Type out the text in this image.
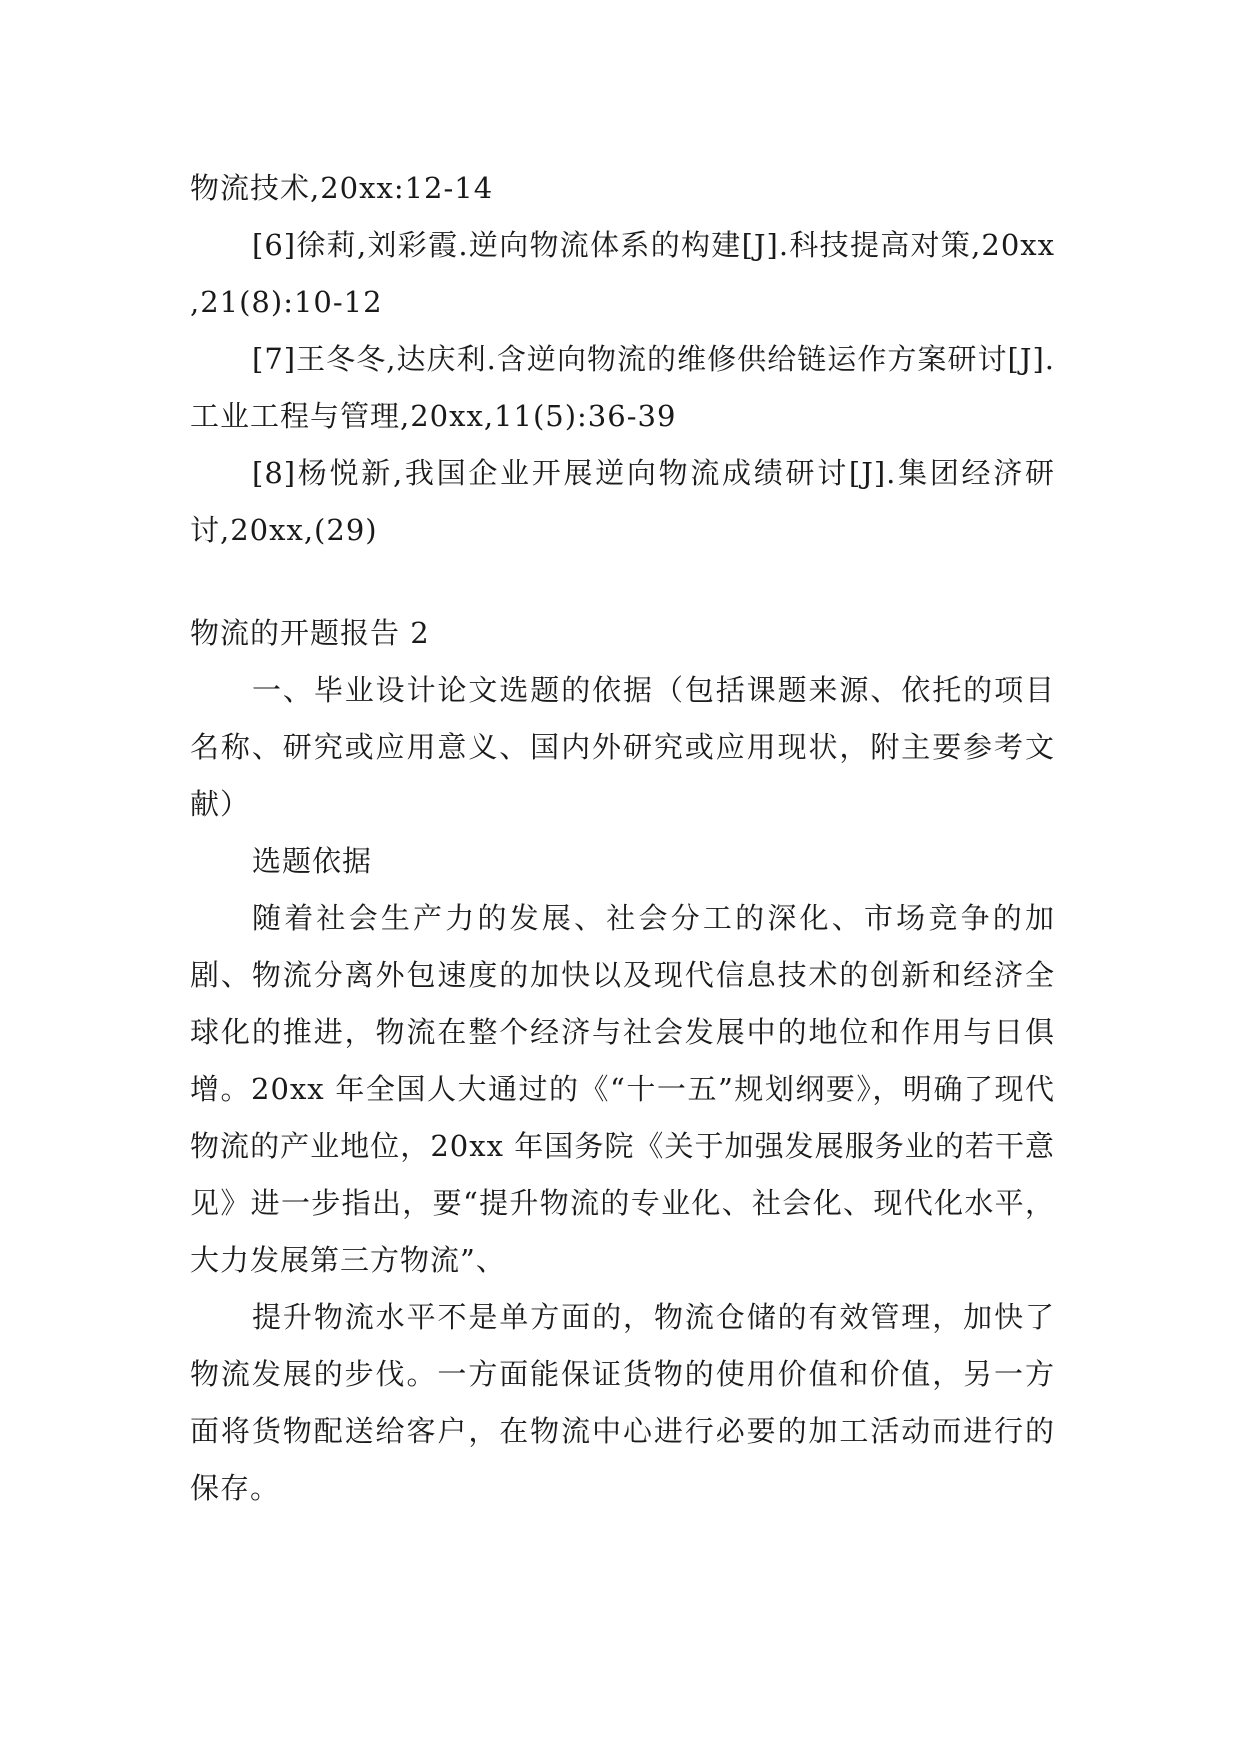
物流技术,20xx:12-14

[6]徐莉,刘彩霞.逆向物流体系的构建[J].科技提高对策,20xx ,21(8):10-12

[7]王冬冬,达庆利.含逆向物流的维修供给链运作方案研讨[J].工业工程与管理,20xx,11(5):36-39

[8]杨悦新,我国企业开展逆向物流成绩研讨[J].集团经济研讨,20xx,(29)

物流的开题报告 2

一、毕业设计论文选题的依据（包括课题来源、依托的项目名称、研究或应用意义、国内外研究或应用现状，附主要参考文献）

选题依据

随着社会生产力的发展、社会分工的深化、市场竞争的加剧、物流分离外包速度的加快以及现代信息技术的创新和经济全球化的推进，物流在整个经济与社会发展中的地位和作用与日俱增。20xx 年全国人大通过的《“十一五”规划纲要》，明确了现代物流的产业地位，20xx 年国务院《关于加强发展服务业的若干意见》进一步指出，要“提升物流的专业化、社会化、现代化水平，大力发展第三方物流”、

提升物流水平不是单方面的，物流仓储的有效管理，加快了物流发展的步伐。一方面能保证货物的使用价值和价值，另一方面将货物配送给客户，在物流中心进行必要的加工活动而进行的保存。
